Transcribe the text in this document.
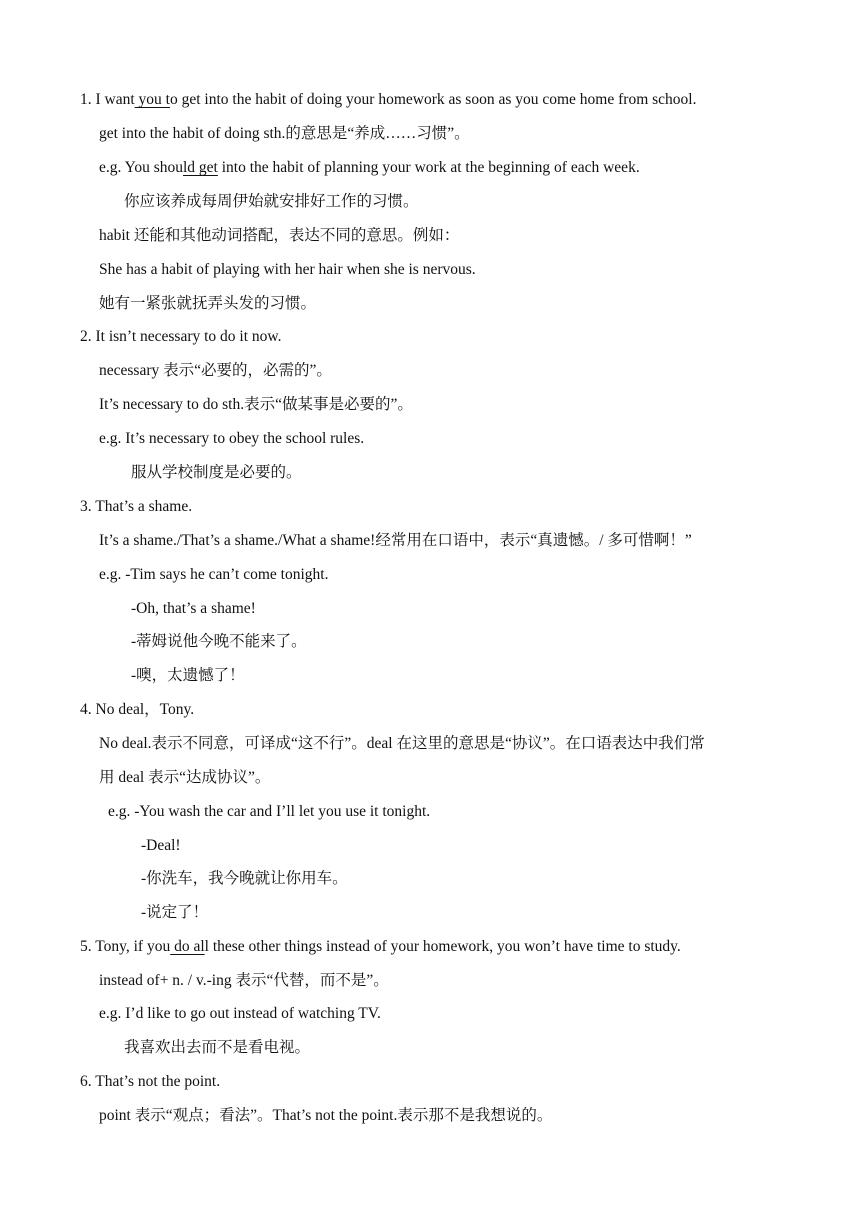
1. I want you to get into the habit of doing your homework as soon as you come home from school.
get into the habit of doing sth.的意思是“养成……习惯”。
e.g. You should get into the habit of planning your work at the beginning of each week.
你应该养成每周伊始就安排好工作的习惯。
habit 还能和其他动词搭配，表达不同的意思。例如：
She has a habit of playing with her hair when she is nervous.
她有一紧张就抚弄头发的习惯。
2. It isn’t necessary to do it now.
necessary 表示“必要的，必需的”。
It’s necessary to do sth.表示“做某事是必要的”。
e.g. It’s necessary to obey the school rules.
服从学校制度是必要的。
3. That’s a shame.
It’s a shame./That’s a shame./What a shame!经常用在口语中，表示“真遗憾。/ 多可惜啊！”
e.g. -Tim says he can’t come tonight.
-Oh, that’s a shame!
-蒂姆说他今晚不能来了。
-噢，太遗憾了！
4. No deal，Tony.
No deal.表示不同意，可译成“这不行”。deal 在这里的意思是“协议”。在口语表达中我们常
用 deal 表示“达成协议”。
e.g. -You wash the car and I’ll let you use it tonight.
-Deal!
-你洗车，我今晚就让你用车。
-说定了！
5. Tony, if you do all these other things instead of your homework, you won’t have time to study.
instead of+ n. / v.-ing 表示“代替，而不是”。
e.g. I’d like to go out instead of watching TV.
我喜欢出去而不是看电视。
6. That’s not the point.
point 表示“观点；看法”。That’s not the point.表示那不是我想说的。
